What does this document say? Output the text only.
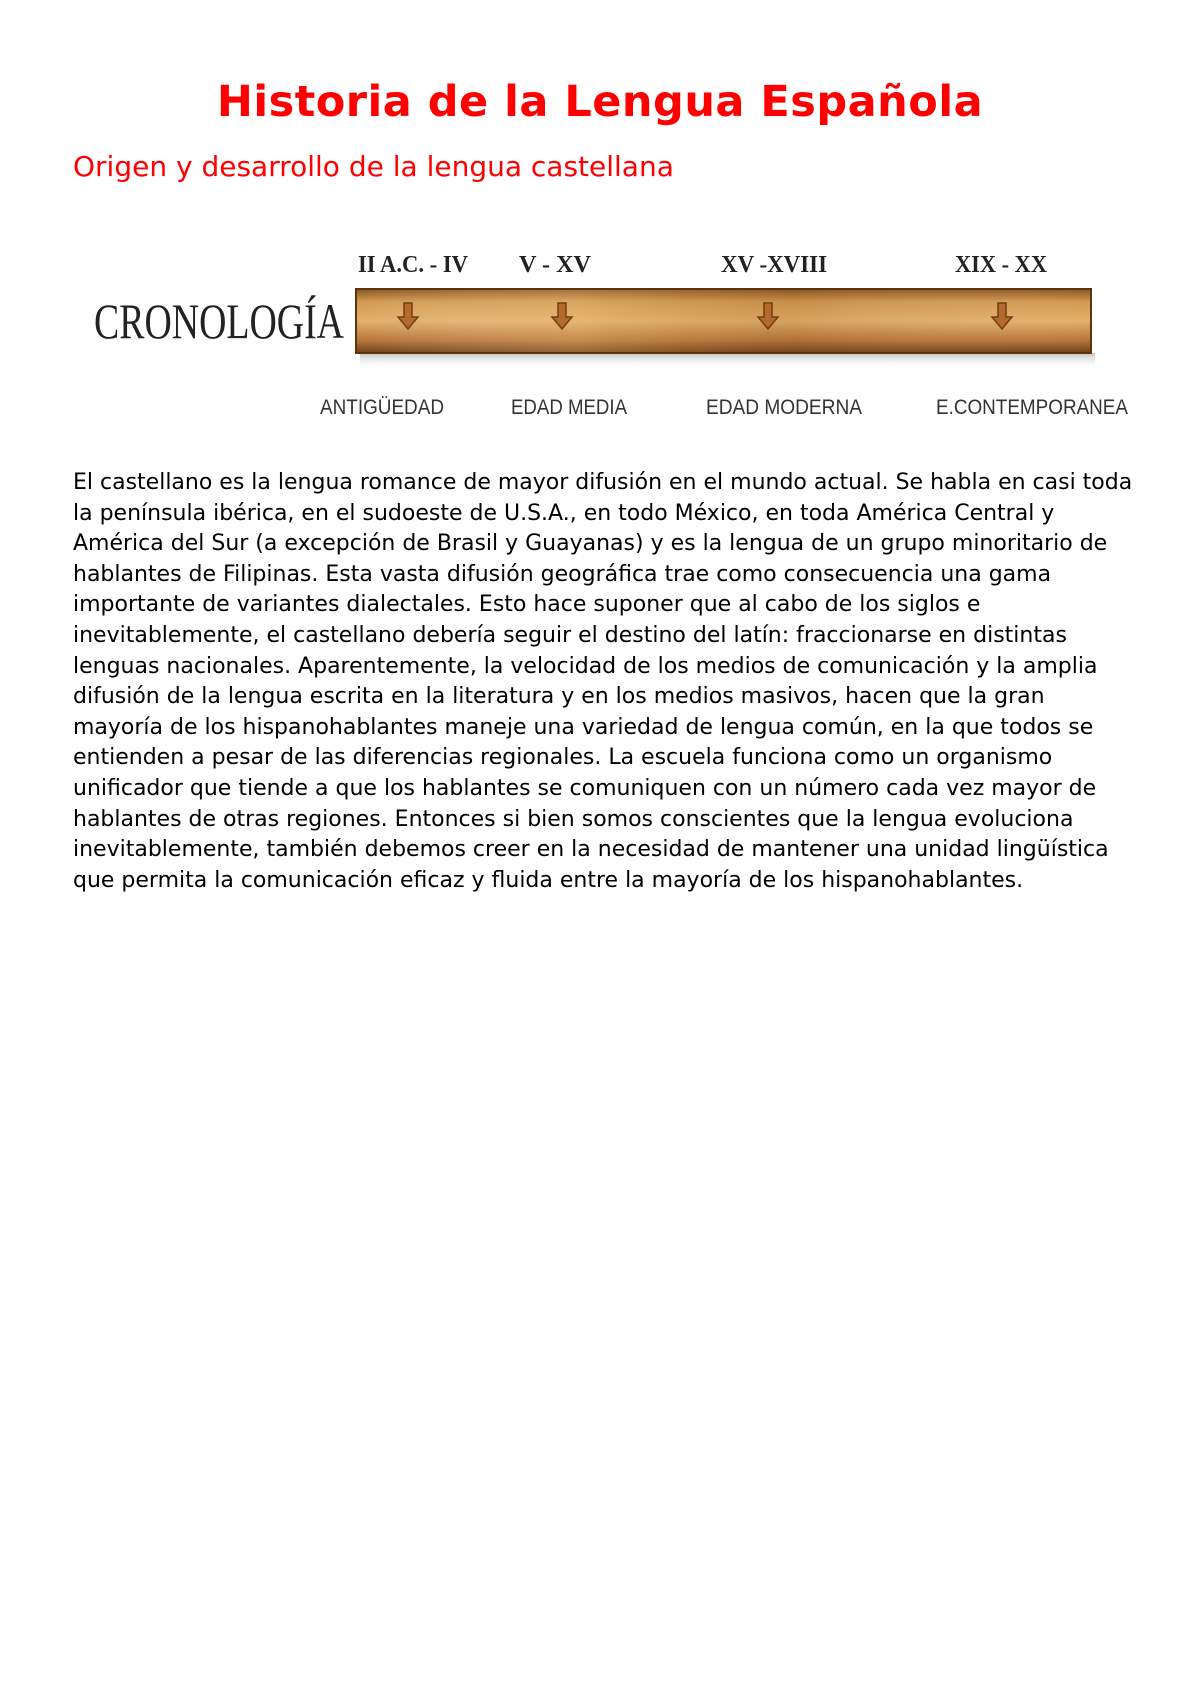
Historia de la Lengua Española
Origen y desarrollo de la lengua castellana
CRONOLOGÍA
II A.C. - IV V - XV	XV -XVIII	XIX - XX
ANTIGÜEDAD	EDAD MEDIA	EDAD MODERNA	E.CONTEMPORANEA

El castellano es la lengua romance de mayor difusión en el mundo actual. Se habla en casi toda la península ibérica, en el sudoeste de U.S.A., en todo México, en toda América Central y América del Sur (a excepción de Brasil y Guayanas) y es la lengua de un grupo minoritario de hablantes de Filipinas. Esta vasta difusión geográfica trae como consecuencia una gama importante de variantes dialectales. Esto hace suponer que al cabo de los siglos e inevitablemente, el castellano debería seguir el destino del latín: fraccionarse en distintas lenguas nacionales. Aparentemente, la velocidad de los medios de comunicación y la amplia difusión de la lengua escrita en la literatura y en los medios masivos, hacen que la gran mayoría de los hispanohablantes maneje una variedad de lengua común, en la que todos se entienden a pesar de las diferencias regionales. La escuela funciona como un organismo unificador que tiende a que los hablantes se comuniquen con un número cada vez mayor de hablantes de otras regiones. Entonces si bien somos conscientes que la lengua evoluciona inevitablemente, también debemos creer en la necesidad de mantener una unidad lingüística que permita la comunicación eficaz y fluida entre la mayoría de los hispanohablantes.
